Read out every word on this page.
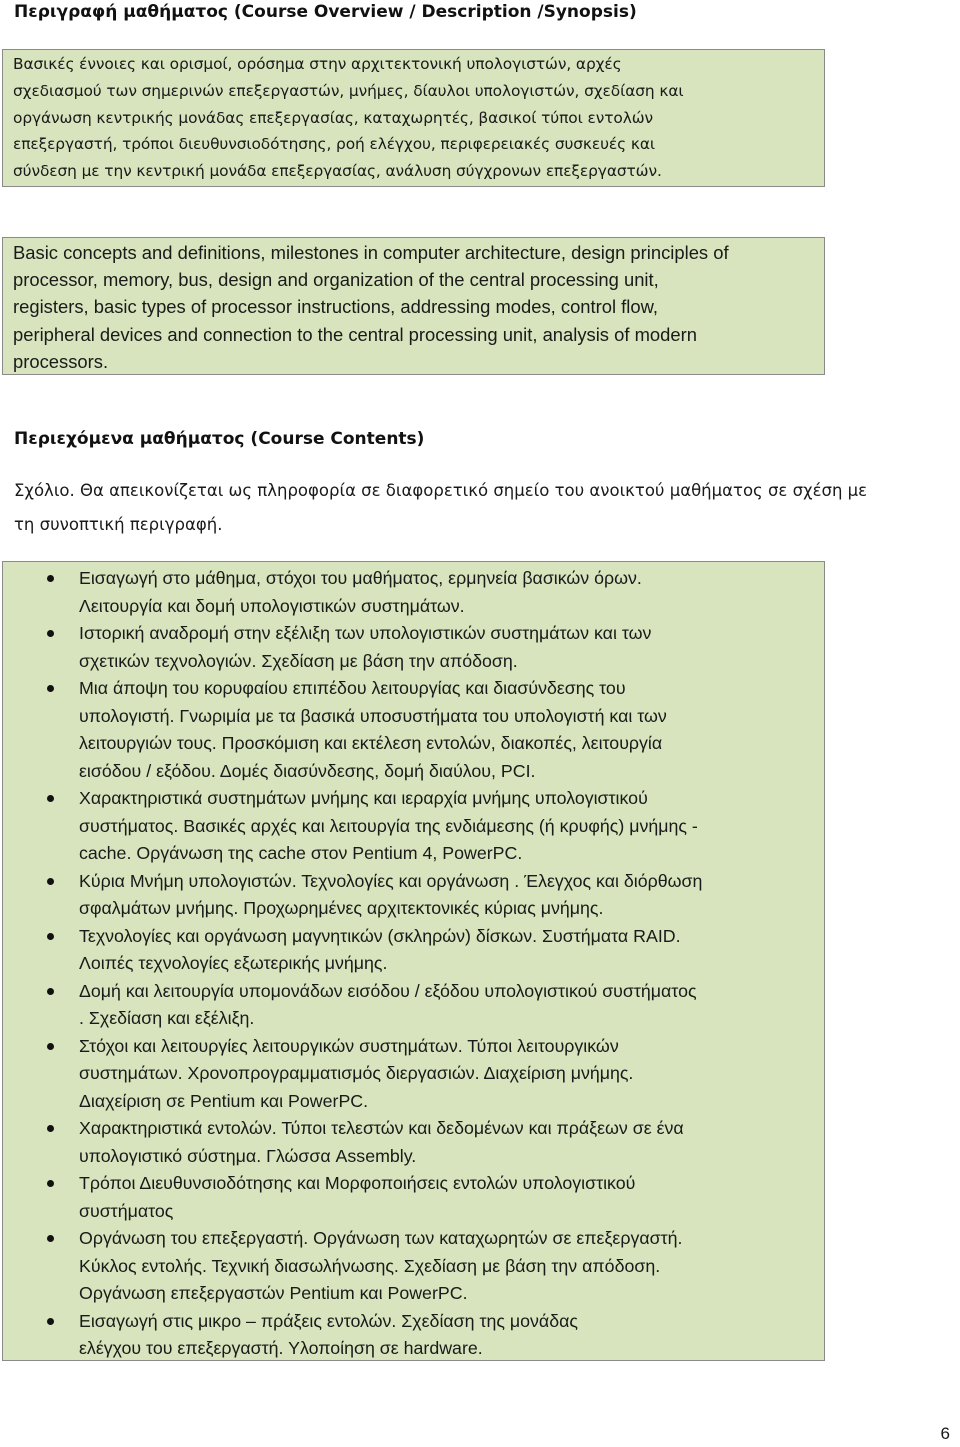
Περιγραφή μαθήματος (Course Overview / Description /Synopsis)
Βασικές έννοιες και ορισμοί, ορόσημα στην αρχιτεκτονική υπολογιστών, αρχές
σχεδιασμού των σημερινών επεξεργαστών, μνήμες, δίαυλοι υπολογιστών, σχεδίαση και
οργάνωση κεντρικής μονάδας επεξεργασίας, καταχωρητές, βασικοί τύποι εντολών
επεξεργαστή, τρόποι διευθυνσιοδότησης, ροή ελέγχου, περιφερειακές συσκευές και
σύνδεση με την κεντρική μονάδα επεξεργασίας, ανάλυση σύγχρονων επεξεργαστών.
Basic concepts and definitions, milestones in computer architecture, design principles of
processor, memory, bus, design and organization of the central processing unit,
registers, basic types of processor instructions, addressing modes, control flow,
peripheral devices and connection to the central processing unit, analysis of modern
processors.
Περιεχόμενα μαθήματος (Course Contents)
Σχόλιο. Θα απεικονίζεται ως πληροφορία σε διαφορετικό σημείο του ανοικτού μαθήματος σε σχέση με
τη συνοπτική περιγραφή.
Εισαγωγή στο μάθημα, στόχοι του μαθήματος, ερμηνεία βασικών όρων.
Λειτουργία και δομή υπολογιστικών συστημάτων.
Ιστορική αναδρομή στην εξέλιξη των υπολογιστικών συστημάτων και των
σχετικών τεχνολογιών. Σχεδίαση με βάση την απόδοση.
Μια άποψη του κορυφαίου επιπέδου λειτουργίας και διασύνδεσης του
υπολογιστή. Γνωριμία με τα βασικά υποσυστήματα του υπολογιστή και των
λειτουργιών τους. Προσκόμιση και εκτέλεση εντολών, διακοπές, λειτουργία
εισόδου / εξόδου. Δομές διασύνδεσης, δομή διαύλου, PCI.
Χαρακτηριστικά συστημάτων μνήμης και ιεραρχία μνήμης υπολογιστικού
συστήματος. Βασικές αρχές και λειτουργία της ενδιάμεσης (ή κρυφής) μνήμης -
cache. Οργάνωση της cache στον Pentium 4, PowerPC.
Κύρια Μνήμη υπολογιστών. Τεχνολογίες και οργάνωση . Έλεγχος και διόρθωση
σφαλμάτων μνήμης. Προχωρημένες αρχιτεκτονικές κύριας μνήμης.
Τεχνολογίες και οργάνωση μαγνητικών (σκληρών) δίσκων. Συστήματα RAID.
Λοιπές τεχνολογίες εξωτερικής μνήμης.
Δομή και λειτουργία υπομονάδων εισόδου / εξόδου υπολογιστικού συστήματος
. Σχεδίαση και εξέλιξη.
Στόχοι και λειτουργίες λειτουργικών συστημάτων. Τύποι λειτουργικών
συστημάτων. Χρονοπρογραμματισμός διεργασιών. Διαχείριση μνήμης.
Διαχείριση σε Pentium και PowerPC.
Χαρακτηριστικά εντολών. Τύποι τελεστών και δεδομένων και πράξεων σε ένα
υπολογιστικό σύστημα. Γλώσσα Assembly.
Τρόποι Διευθυνσιοδότησης και Μορφοποιήσεις εντολών υπολογιστικού
συστήματος
Οργάνωση του επεξεργαστή. Οργάνωση των καταχωρητών σε επεξεργαστή.
Κύκλος εντολής. Τεχνική διασωλήνωσης. Σχεδίαση με βάση την απόδοση.
Οργάνωση επεξεργαστών Pentium και PowerPC.
Εισαγωγή στις μικρο – πράξεις εντολών. Σχεδίαση της μονάδας
ελέγχου του επεξεργαστή. Υλοποίηση σε hardware.
6
